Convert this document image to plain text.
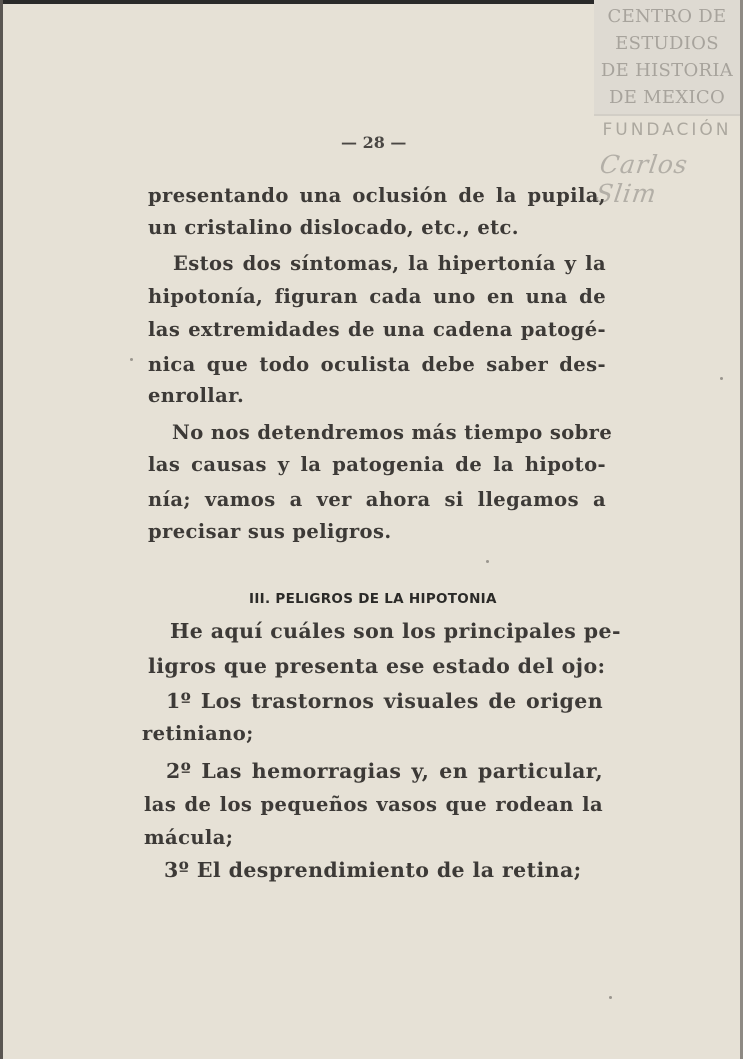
CENTRO DE
ESTUDIOS
DE HISTORIA
DE MEXICO
FUNDACIÓN
Carlos Slim
— 28 —
presentando una oclusión de la pupila,
un cristalino dislocado, etc., etc.
Estos dos síntomas, la hipertonía y la
hipotonía, figuran cada uno en una de
las extremidades de una cadena patogé-
nica que todo oculista debe saber des-
enrollar.
No nos detendremos más tiempo sobre
las causas y la patogenia de la hipoto-
nía; vamos a ver ahora si llegamos a
precisar sus peligros.
III. PELIGROS DE LA HIPOTONIA
He aquí cuáles son los principales pe-
ligros que presenta ese estado del ojo:
1º Los trastornos visuales de origen
retiniano;
2º Las hemorragias y, en particular,
las de los pequeños vasos que rodean la
mácula;
3º El desprendimiento de la retina;
